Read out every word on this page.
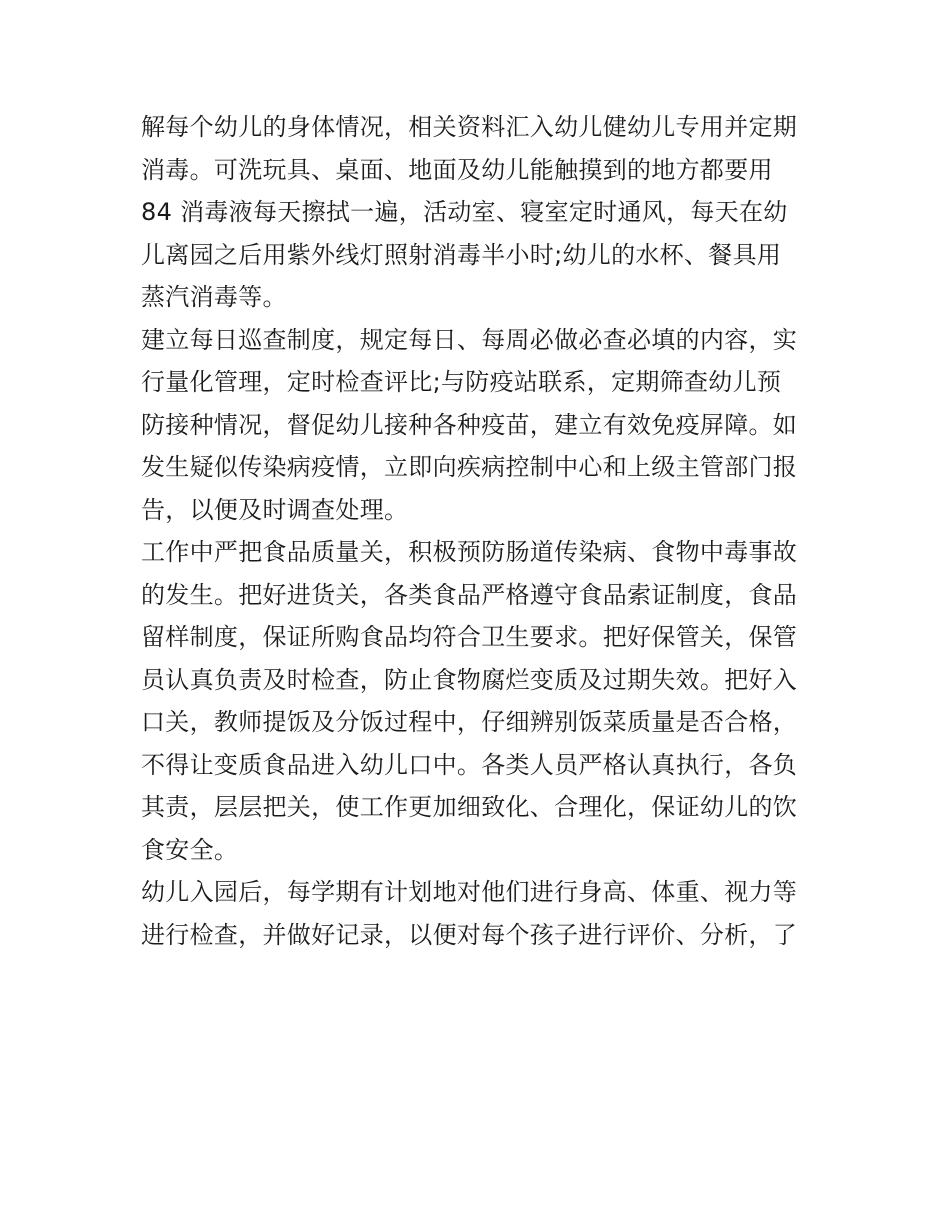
解每个幼儿的身体情况，相关资料汇入幼儿健幼儿专用并定期
消毒。可洗玩具、桌面、地面及幼儿能触摸到的地方都要用
84 消毒液每天擦拭一遍，活动室、寝室定时通风，每天在幼
儿离园之后用紫外线灯照射消毒半小时;幼儿的水杯、餐具用
蒸汽消毒等。
建立每日巡查制度，规定每日、每周必做必查必填的内容，实
行量化管理，定时检查评比;与防疫站联系，定期筛查幼儿预
防接种情况，督促幼儿接种各种疫苗，建立有效免疫屏障。如
发生疑似传染病疫情，立即向疾病控制中心和上级主管部门报
告，以便及时调查处理。
工作中严把食品质量关，积极预防肠道传染病、食物中毒事故
的发生。把好进货关，各类食品严格遵守食品索证制度，食品
留样制度，保证所购食品均符合卫生要求。把好保管关，保管
员认真负责及时检查，防止食物腐烂变质及过期失效。把好入
口关，教师提饭及分饭过程中，仔细辨别饭菜质量是否合格，
不得让变质食品进入幼儿口中。各类人员严格认真执行，各负
其责，层层把关，使工作更加细致化、合理化，保证幼儿的饮
食安全。
幼儿入园后，每学期有计划地对他们进行身高、体重、视力等
进行检查，并做好记录，以便对每个孩子进行评价、分析，了
